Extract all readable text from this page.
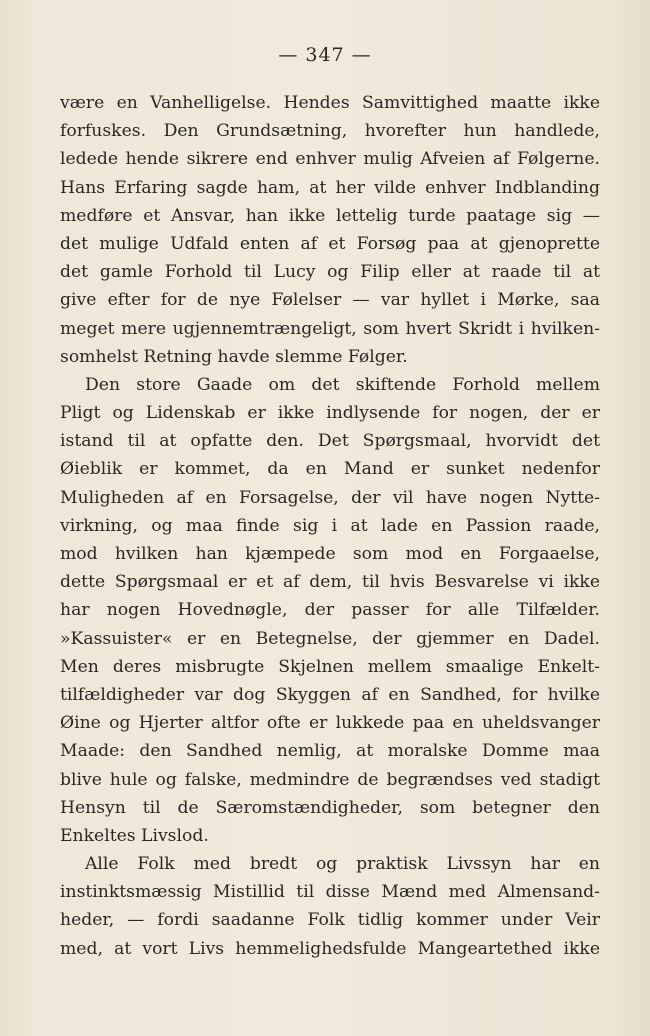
— 347 —
være en Vanhelligelse. Hendes Samvittighed maatte ikke
forfuskes. Den Grundsætning, hvorefter hun handlede,
ledede hende sikrere end enhver mulig Afveien af Følgerne.
Hans Erfaring sagde ham, at her vilde enhver Indblanding
medføre et Ansvar, han ikke lettelig turde paatage sig —
det mulige Udfald enten af et Forsøg paa at gjenoprette
det gamle Forhold til Lucy og Filip eller at raade til at
give efter for de nye Følelser — var hyllet i Mørke, saa
meget mere ugjennemtrængeligt, som hvert Skridt i hvilken-
somhelst Retning havde slemme Følger.
Den store Gaade om det skiftende Forhold mellem
Pligt og Lidenskab er ikke indlysende for nogen, der er
istand til at opfatte den. Det Spørgsmaal, hvorvidt det
Øieblik er kommet, da en Mand er sunket nedenfor
Muligheden af en Forsagelse, der vil have nogen Nytte-
virkning, og maa finde sig i at lade en Passion raade,
mod hvilken han kjæmpede som mod en Forgaaelse,
dette Spørgsmaal er et af dem, til hvis Besvarelse vi ikke
har nogen Hovednøgle, der passer for alle Tilfælder.
»Kassuister« er en Betegnelse, der gjemmer en Dadel.
Men deres misbrugte Skjelnen mellem smaalige Enkelt-
tilfældigheder var dog Skyggen af en Sandhed, for hvilke
Øine og Hjerter altfor ofte er lukkede paa en uheldsvanger
Maade: den Sandhed nemlig, at moralske Domme maa
blive hule og falske, medmindre de begrændses ved stadigt
Hensyn til de Særomstændigheder, som betegner den
Enkeltes Livslod.
Alle Folk med bredt og praktisk Livssyn har en
instinktsmæssig Mistillid til disse Mænd med Almensand-
heder, — fordi saadanne Folk tidlig kommer under Veir
med, at vort Livs hemmelighedsfulde Mangeartethed ikke
